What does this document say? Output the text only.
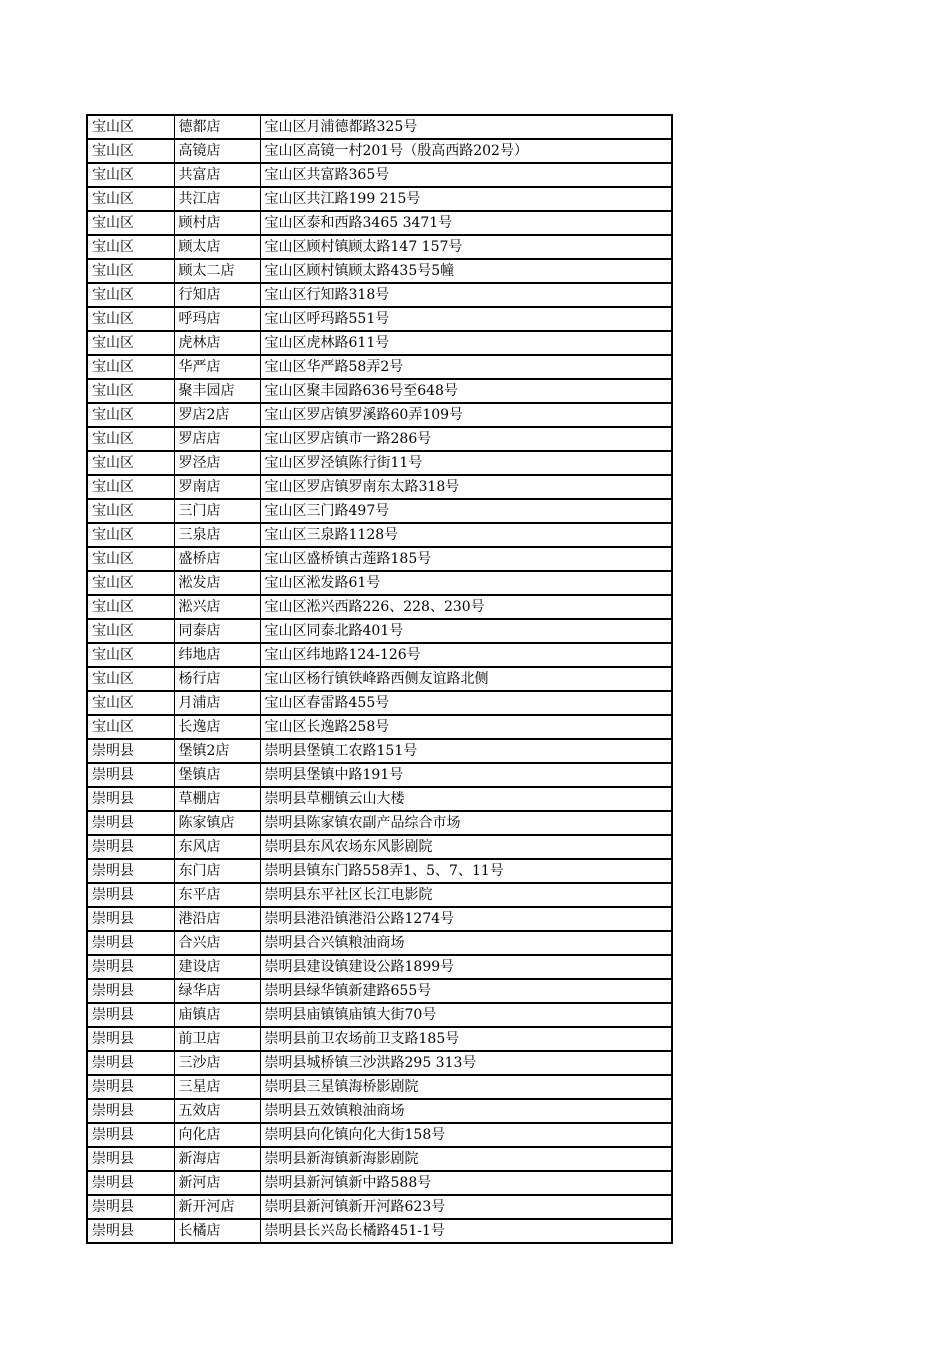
宝山区	德都店	宝山区月浦德都路325号
宝山区	高镜店	宝山区高镜一村201号（殷高西路202号）
宝山区	共富店	宝山区共富路365号
宝山区	共江店	宝山区共江路199 215号
宝山区	顾村店	宝山区泰和西路3465 3471号
宝山区	顾太店	宝山区顾村镇顾太路147 157号
宝山区	顾太二店	宝山区顾村镇顾太路435号5幢
宝山区	行知店	宝山区行知路318号
宝山区	呼玛店	宝山区呼玛路551号
宝山区	虎林店	宝山区虎林路611号
宝山区	华严店	宝山区华严路58弄2号
宝山区	聚丰园店	宝山区聚丰园路636号至648号
宝山区	罗店2店	宝山区罗店镇罗溪路60弄109号
宝山区	罗店店	宝山区罗店镇市一路286号
宝山区	罗泾店	宝山区罗泾镇陈行街11号
宝山区	罗南店	宝山区罗店镇罗南东太路318号
宝山区	三门店	宝山区三门路497号
宝山区	三泉店	宝山区三泉路1128号
宝山区	盛桥店	宝山区盛桥镇古莲路185号
宝山区	淞发店	宝山区淞发路61号
宝山区	淞兴店	宝山区淞兴西路226、228、230号
宝山区	同泰店	宝山区同泰北路401号
宝山区	纬地店	宝山区纬地路124-126号
宝山区	杨行店	宝山区杨行镇铁峰路西侧友谊路北侧
宝山区	月浦店	宝山区春雷路455号
宝山区	长逸店	宝山区长逸路258号
崇明县	堡镇2店	崇明县堡镇工农路151号
崇明县	堡镇店	崇明县堡镇中路191号
崇明县	草棚店	崇明县草棚镇云山大楼
崇明县	陈家镇店	崇明县陈家镇农副产品综合市场
崇明县	东风店	崇明县东风农场东风影剧院
崇明县	东门店	崇明县镇东门路558弄1、5、7、11号
崇明县	东平店	崇明县东平社区长江电影院
崇明县	港沿店	崇明县港沿镇港沿公路1274号
崇明县	合兴店	崇明县合兴镇粮油商场
崇明县	建设店	崇明县建设镇建设公路1899号
崇明县	绿华店	崇明县绿华镇新建路655号
崇明县	庙镇店	崇明县庙镇镇庙镇大街70号
崇明县	前卫店	崇明县前卫农场前卫支路185号
崇明县	三沙店	崇明县城桥镇三沙洪路295 313号
崇明县	三星店	崇明县三星镇海桥影剧院
崇明县	五效店	崇明县五效镇粮油商场
崇明县	向化店	崇明县向化镇向化大街158号
崇明县	新海店	崇明县新海镇新海影剧院
崇明县	新河店	崇明县新河镇新中路588号
崇明县	新开河店	崇明县新河镇新开河路623号
崇明县	长橘店	崇明县长兴岛长橘路451-1号
